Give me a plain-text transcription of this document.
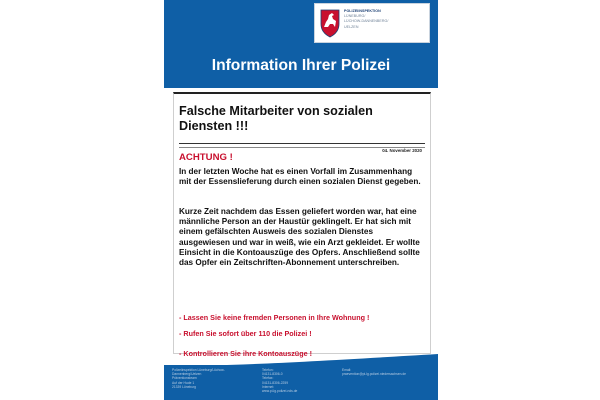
POLIZEIINSPEKTION
LÜNEBURG/
LÜCHOW-DANNENBERG/
UELZEN
Information Ihrer Polizei
Falsche Mitarbeiter von sozialen Diensten !!!
04. November 2020
ACHTUNG !
In der letzten Woche hat es einen Vorfall im Zusammenhang mit der Essenslieferung durch einen sozialen Dienst gegeben.
Kurze Zeit nachdem das Essen geliefert worden war, hat eine männliche Person an der Haustür geklingelt. Er hat sich mit einem gefälschten Ausweis des sozialen Dienstes ausgewiesen und war in weiß, wie ein Arzt gekleidet. Er wollte Einsicht in die Kontoauszüge des Opfers. Anschließend sollte das Opfer ein Zeitschriften-Abonnement unterschreiben.
- Lassen Sie keine fremden Personen in Ihre Wohnung !
- Rufen Sie sofort über 110 die Polizei !
- Kontrollieren Sie ihre Kontoauszüge !
Polizeiinspektion Lüneburg/Lüchow-
Dannenberg/Uelzen
Präventionsteam
Auf der Hude 1
21339 Lüneburg
Telefon:
04131-8306-0
Telefax:
04131-8306-2259
Internet:
www.pi-lg.polizei-nds.de
Email:
praevention@pi-lg.polizei.niedersachsen.de
